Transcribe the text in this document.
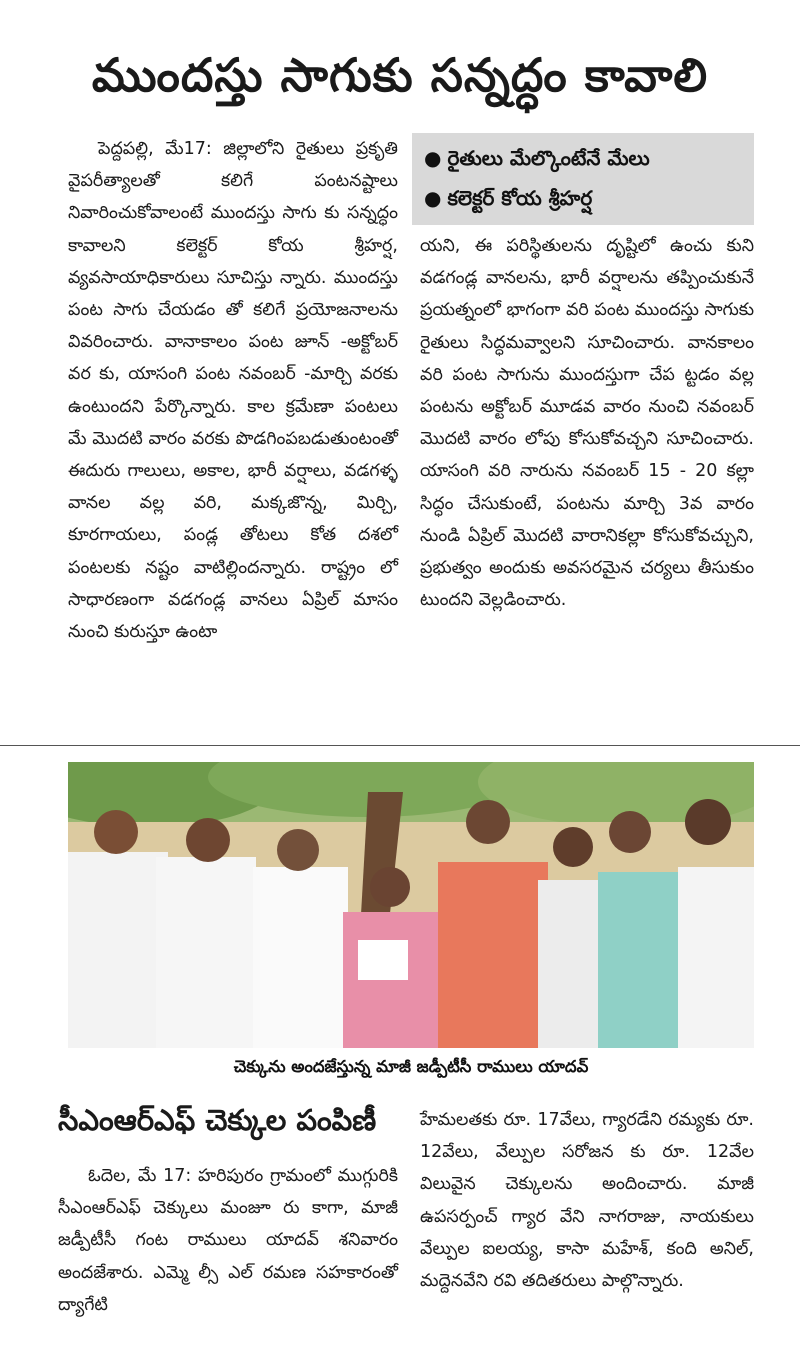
ముందస్తు సాగుకు సన్నద్ధం కావాలి

పెద్దపల్లి, మే17: జిల్లాలోని రైతులు ప్రకృతి వైపరీత్యాలతో కలిగే పంటనష్టాలు నివారించుకోవాలంటే ముందస్తు సాగు కు సన్నద్ధం కావాలని కలెక్టర్ కోయ శ్రీహర్ష, వ్యవసాయాధికారులు సూచిస్తు న్నారు. ముందస్తు పంట సాగు చేయడం తో కలిగే ప్రయోజనాలను వివరించారు. వానాకాలం పంట జూన్ -అక్టోబర్ వర కు, యాసంగి పంట నవంబర్ -మార్చి వరకు ఉంటుందని పేర్కొన్నారు. కాల క్రమేణా పంటలు మే మొదటి వారం వరకు పొడగింపబడుతుంటంతో ఈదురు గాలులు, అకాల, భారీ వర్షాలు, వడగళ్ళ వానల వల్ల వరి, మక్కజొన్న, మిర్చి, కూరగాయలు, పండ్ల తోటలు కోత దశలో పంటలకు నష్టం వాటిల్లిందన్నారు. రాష్ట్రం లో సాధారణంగా వడగండ్ల వానలు ఏప్రిల్ మాసం నుంచి కురుస్తూ ఉంటా

● రైతులు మేల్కొంటేనే మేలు
● కలెక్టర్ కోయ శ్రీహర్ష

యని, ఈ పరిస్థితులను దృష్టిలో ఉంచు కుని వడగండ్ల వానలను, భారీ వర్షాలను తప్పించుకునే ప్రయత్నంలో భాగంగా వరి పంట ముందస్తు సాగుకు రైతులు సిద్ధమవ్వాలని సూచించారు. వానకాలం వరి పంట సాగును ముందస్తుగా చేప ట్టడం వల్ల పంటను అక్టోబర్ మూడవ వారం నుంచి నవంబర్ మొదటి వారం లోపు కోసుకోవచ్చని సూచించారు. యాసంగి వరి నారును నవంబర్ 15 - 20 కల్లా సిద్ధం చేసుకుంటే, పంటను మార్చి 3వ వారం నుండి ఏప్రిల్ మొదటి వారానికల్లా కోసుకోవచ్చుని, ప్రభుత్వం అందుకు అవసరమైన చర్యలు తీసుకుం టుందని వెల్లడించారు.

చెక్కును అందజేస్తున్న మాజీ జడ్పీటీసీ రాములు యాదవ్
సీఎంఆర్ఎఫ్ చెక్కుల పంపిణీ

ఓదెల, మే 17: హరిపురం గ్రామంలో ముగ్గురికి సీఎంఆర్ఎఫ్ చెక్కులు మంజూ రు కాగా, మాజీ జడ్పీటీసీ గంట రాములు యాదవ్ శనివారం అందజేశారు. ఎమ్మె ల్సీ ఎల్ రమణ సహకారంతో ద్యాగేటి

హేమలతకు రూ. 17వేలు, గ్యారడేని రమ్యకు రూ. 12వేలు, వేల్పుల సరోజన కు రూ. 12వేల విలువైన చెక్కులను అందించారు. మాజీ ఉపసర్పంచ్ గ్యార వేని నాగరాజు, నాయకులు వేల్పుల ఐలయ్య, కాసా మహేశ్, కంది అనిల్, మద్దెనవేని రవి తదితరులు పాల్గొన్నారు.
